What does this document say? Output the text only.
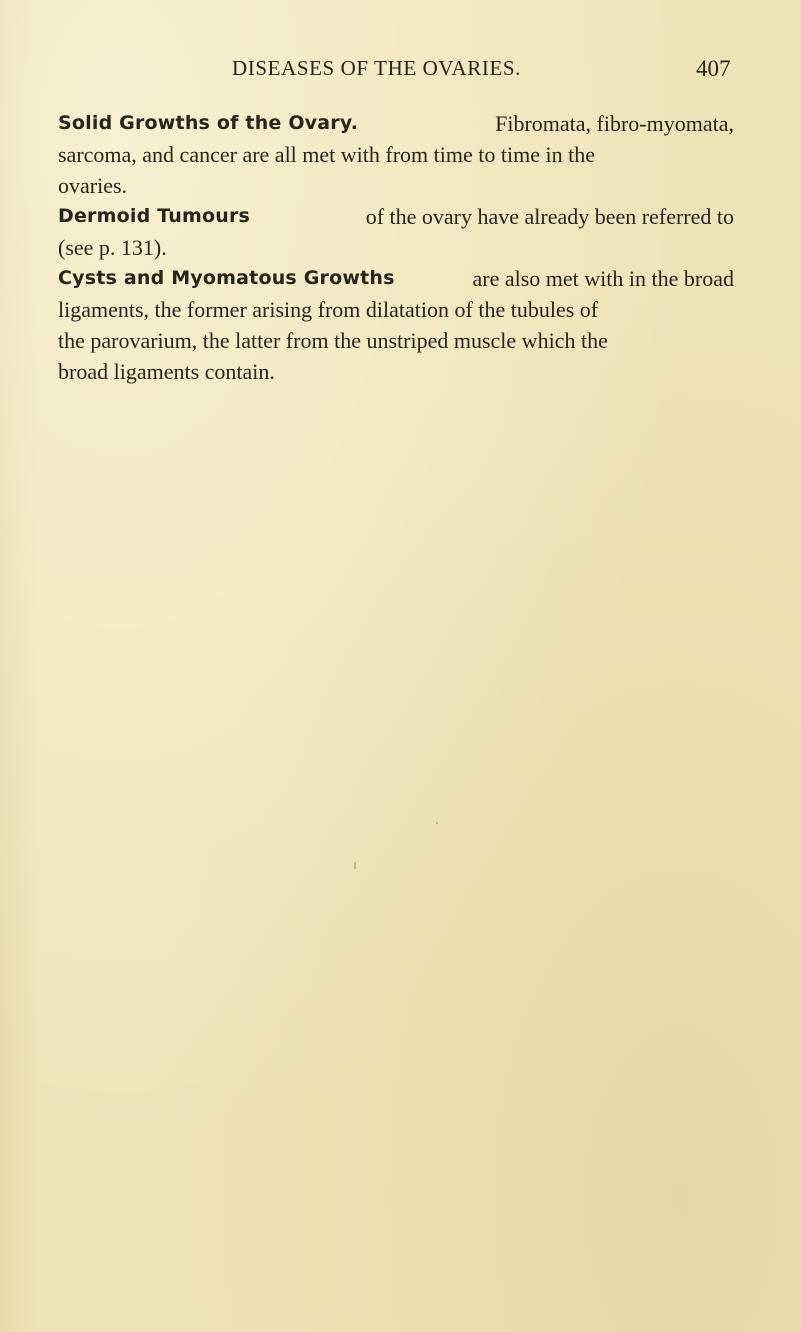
DISEASES OF THE OVARIES.	407
Solid Growths of the Ovary.	Fibromata, fibro-myomata,
sarcoma, and cancer are all met with from time to time in the
ovaries.
Dermoid Tumours	of the ovary have already been referred to
(see p. 131).
Cysts and Myomatous Growths	are also met with in the broad
ligaments, the former arising from dilatation of the tubules of
the parovarium, the latter from the unstriped muscle which the
broad ligaments contain.
